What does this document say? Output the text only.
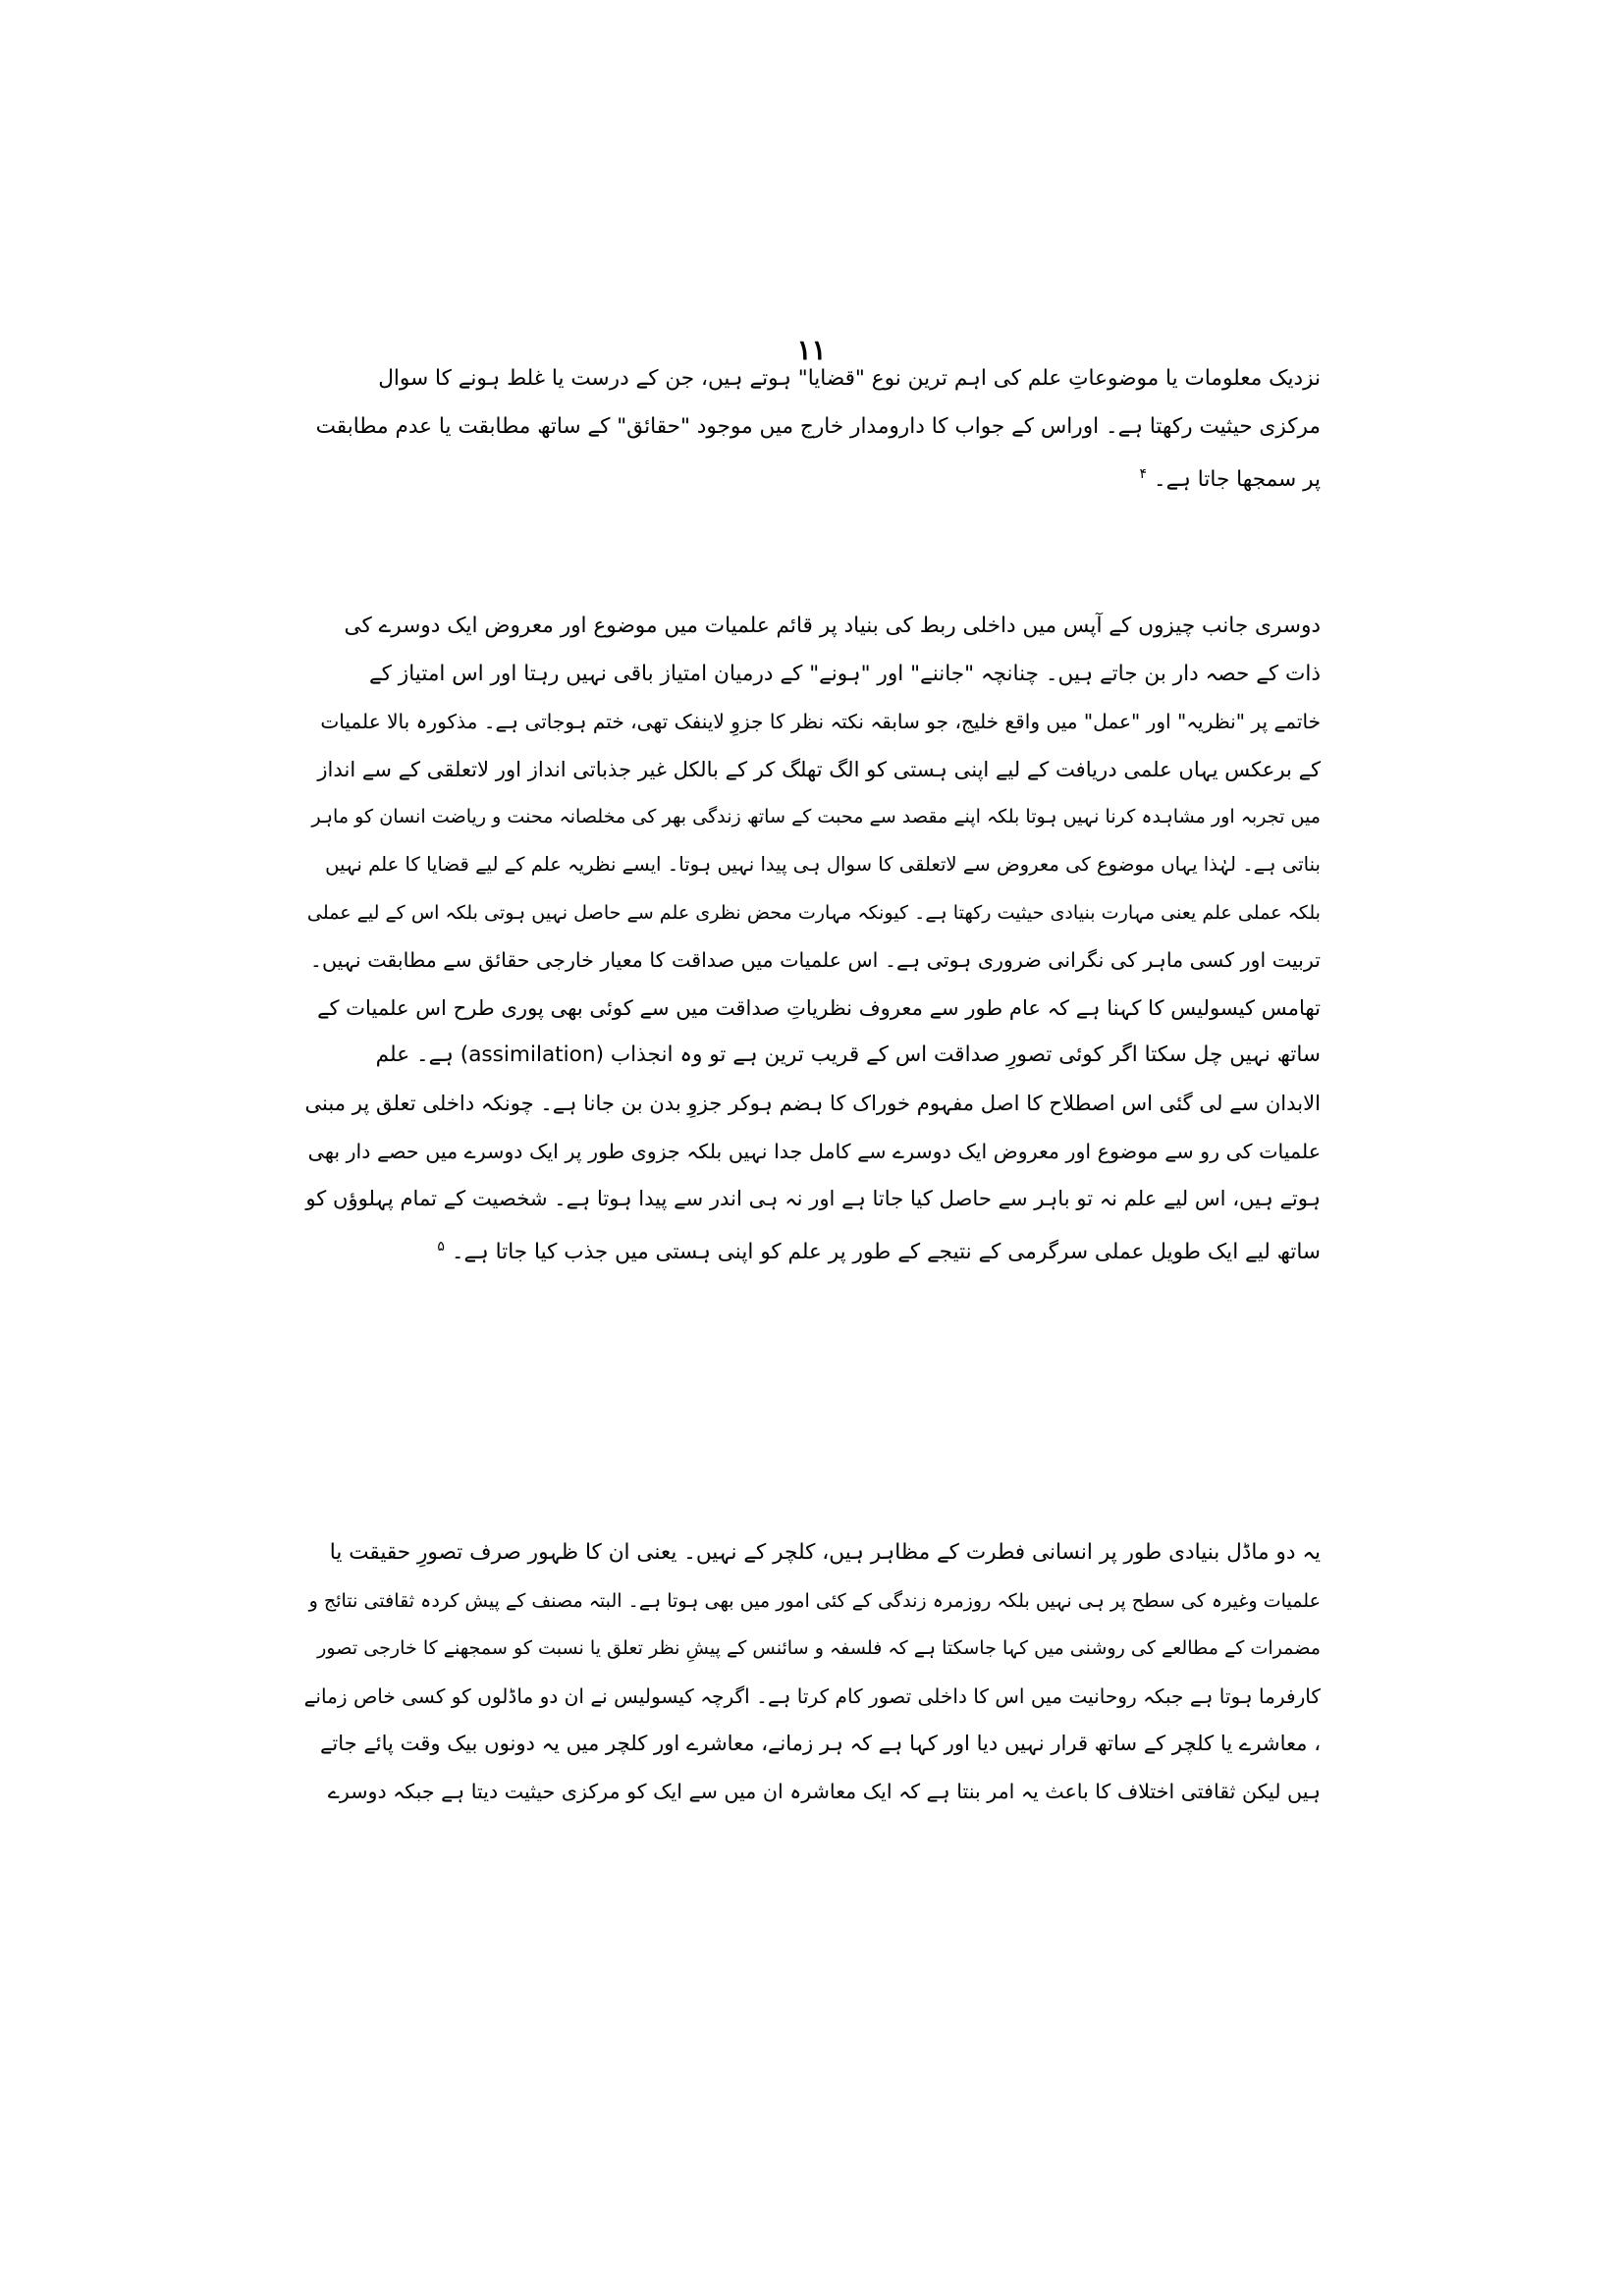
۱۱
نزدیک معلومات یا موضوعاتِ علم کی اہم ترین نوع "قضایا" ہوتے ہیں، جن کے درست یا غلط ہونے کا سوال
مرکزی حیثیت رکھتا ہے۔ اوراس کے جواب کا دارومدار خارج میں موجود "حقائق" کے ساتھ مطابقت یا عدم مطابقت
پر سمجھا جاتا ہے۔ $^۴$
دوسری جانب چیزوں کے آپس میں داخلی ربط کی بنیاد پر قائم علمیات میں موضوع اور معروض ایک دوسرے کی
ذات کے حصہ دار بن جاتے ہیں۔ چنانچہ "جاننے" اور "ہونے" کے درمیان امتیاز باقی نہیں رہتا اور اس امتیاز کے
خاتمے پر "نظریہ" اور "عمل" میں واقع خلیج، جو سابقہ نکتہ نظر کا جزوِ لاینفک تھی، ختم ہوجاتی ہے۔ مذکورہ بالا علمیات
کے برعکس یہاں علمی دریافت کے لیے اپنی ہستی کو الگ تھلگ کر کے بالکل غیر جذباتی انداز اور لاتعلقی کے سے انداز
میں تجربہ اور مشاہدہ کرنا نہیں ہوتا بلکہ اپنے مقصد سے محبت کے ساتھ زندگی بھر کی مخلصانہ محنت و ریاضت انسان کو ماہر
بناتی ہے۔ لہٰذا یہاں موضوع کی معروض سے لاتعلقی کا سوال ہی پیدا نہیں ہوتا۔ ایسے نظریہ علم کے لیے قضایا کا علم نہیں
بلکہ عملی علم یعنی مہارت بنیادی حیثیت رکھتا ہے۔ کیونکہ مہارت محض نظری علم سے حاصل نہیں ہوتی بلکہ اس کے لیے عملی
تربیت اور کسی ماہر کی نگرانی ضروری ہوتی ہے۔ اس علمیات میں صداقت کا معیار خارجی حقائق سے مطابقت نہیں۔
تھامس کیسولیس کا کہنا ہے کہ عام طور سے معروف نظریاتِ صداقت میں سے کوئی بھی پوری طرح اس علمیات کے
ساتھ نہیں چل سکتا اگر کوئی تصورِ صداقت اس کے قریب ترین ہے تو وہ انجذاب (assimilation) ہے۔ علم
الابدان سے لی گئی اس اصطلاح کا اصل مفہوم خوراک کا ہضم ہوکر جزوِ بدن بن جانا ہے۔ چونکہ داخلی تعلق پر مبنی
علمیات کی رو سے موضوع اور معروض ایک دوسرے سے کامل جدا نہیں بلکہ جزوی طور پر ایک دوسرے میں حصے دار بھی
ہوتے ہیں، اس لیے علم نہ تو باہر سے حاصل کیا جاتا ہے اور نہ ہی اندر سے پیدا ہوتا ہے۔ شخصیت کے تمام پہلوؤں کو
ساتھ لیے ایک طویل عملی سرگرمی کے نتیجے کے طور پر علم کو اپنی ہستی میں جذب کیا جاتا ہے۔ $^۵$
یہ دو ماڈل بنیادی طور پر انسانی فطرت کے مظاہر ہیں، کلچر کے نہیں۔ یعنی ان کا ظہور صرف تصورِ حقیقت یا
علمیات وغیرہ کی سطح پر ہی نہیں بلکہ روزمرہ زندگی کے کئی امور میں بھی ہوتا ہے۔ البتہ مصنف کے پیش کردہ ثقافتی نتائج و
مضمرات کے مطالعے کی روشنی میں کہا جاسکتا ہے کہ فلسفہ و سائنس کے پیشِ نظر تعلق یا نسبت کو سمجھنے کا خارجی تصور
کارفرما ہوتا ہے جبکہ روحانیت میں اس کا داخلی تصور کام کرتا ہے۔ اگرچہ کیسولیس نے ان دو ماڈلوں کو کسی خاص زمانے
، معاشرے یا کلچر کے ساتھ قرار نہیں دیا اور کہا ہے کہ ہر زمانے، معاشرے اور کلچر میں یہ دونوں بیک وقت پائے جاتے
ہیں لیکن ثقافتی اختلاف کا باعث یہ امر بنتا ہے کہ ایک معاشرہ ان میں سے ایک کو مرکزی حیثیت دیتا ہے جبکہ دوسرے
